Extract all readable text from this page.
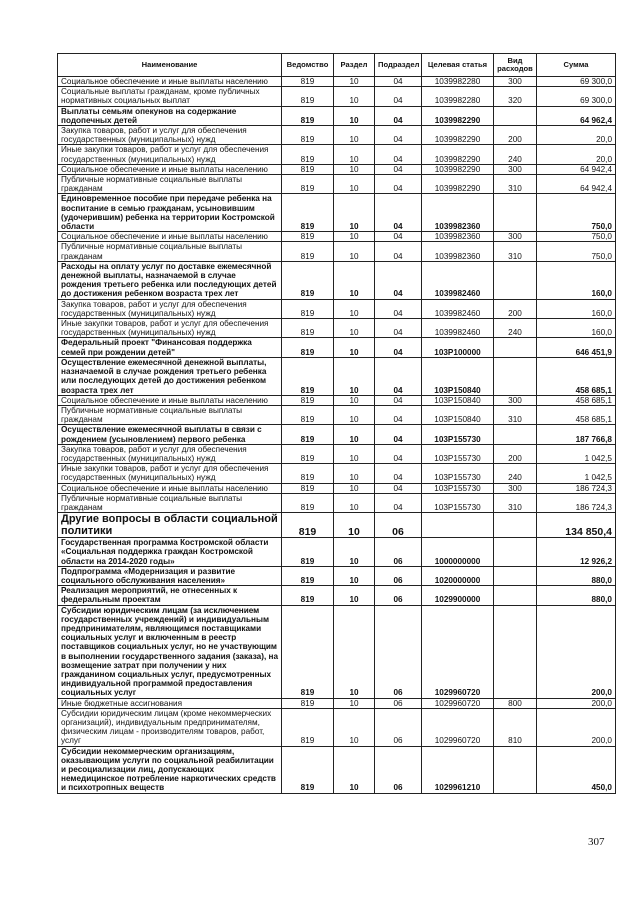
Наименование	Ведомство	Раздел	Подраздел	Целевая статья	Вид расходов	Сумма
Социальное обеспечение и иные выплаты населению	819	10	04	1039982280	300	69 300,0
Социальные выплаты гражданам, кроме публичных нормативных социальных выплат	819	10	04	1039982280	320	69 300,0
Выплаты семьям опекунов на содержание подопечных детей	819	10	04	1039982290		64 962,4
Закупка товаров, работ и услуг для обеспечения государственных (муниципальных) нужд	819	10	04	1039982290	200	20,0
Иные закупки товаров, работ и услуг для обеспечения государственных (муниципальных) нужд	819	10	04	1039982290	240	20,0
Социальное обеспечение и иные выплаты населению	819	10	04	1039982290	300	64 942,4
Публичные нормативные социальные выплаты гражданам	819	10	04	1039982290	310	64 942,4
Единовременное пособие при передаче ребенка на воспитание в семью гражданам, усыновившим (удочерившим) ребенка на территории Костромской области	819	10	04	1039982360		750,0
Социальное обеспечение и иные выплаты населению	819	10	04	1039982360	300	750,0
Публичные нормативные социальные выплаты гражданам	819	10	04	1039982360	310	750,0
Расходы на оплату услуг по доставке ежемесячной денежной выплаты, назначаемой в случае рождения третьего ребенка или последующих детей до достижения ребенком возраста трех лет	819	10	04	1039982460		160,0
Закупка товаров, работ и услуг для обеспечения государственных (муниципальных) нужд	819	10	04	1039982460	200	160,0
Иные закупки товаров, работ и услуг для обеспечения государственных (муниципальных) нужд	819	10	04	1039982460	240	160,0
Федеральный проект "Финансовая поддержка семей при рождении детей"	819	10	04	103P100000		646 451,9
Осуществление ежемесячной денежной выплаты, назначаемой в случае рождения третьего ребенка или последующих детей до достижения ребенком возраста трех лет	819	10	04	103P150840		458 685,1
Социальное обеспечение и иные выплаты населению	819	10	04	103P150840	300	458 685,1
Публичные нормативные социальные выплаты гражданам	819	10	04	103P150840	310	458 685,1
Осуществление ежемесячной выплаты в связи с рождением (усыновлением) первого ребенка	819	10	04	103P155730		187 766,8
Закупка товаров, работ и услуг для обеспечения государственных (муниципальных) нужд	819	10	04	103P155730	200	1 042,5
Иные закупки товаров, работ и услуг для обеспечения государственных (муниципальных) нужд	819	10	04	103P155730	240	1 042,5
Социальное обеспечение и иные выплаты населению	819	10	04	103P155730	300	186 724,3
Публичные нормативные социальные выплаты гражданам	819	10	04	103P155730	310	186 724,3
Другие вопросы в области социальной политики	819	10	06			134 850,4
Государственная программа Костромской области «Социальная поддержка граждан Костромской области на 2014-2020 годы»	819	10	06	1000000000		12 926,2
Подпрограмма «Модернизация и развитие социального обслуживания населения»	819	10	06	1020000000		880,0
Реализация мероприятий, не отнесенных к федеральным проектам	819	10	06	1029900000		880,0
Субсидии юридическим лицам (за исключением государственных учреждений) и индивидуальным предпринимателям, являющимся поставщиками социальных услуг и включенным в реестр поставщиков социальных услуг, но не участвующим в выполнении государственного задания (заказа), на возмещение затрат при получении у них гражданином социальных услуг, предусмотренных индивидуальной программой предоставления социальных услуг	819	10	06	1029960720		200,0
Иные бюджетные ассигнования	819	10	06	1029960720	800	200,0
Субсидии юридическим лицам (кроме некоммерческих организаций), индивидуальным предпринимателям, физическим лицам - производителям товаров, работ, услуг	819	10	06	1029960720	810	200,0
Субсидии некоммерческим организациям, оказывающим услуги по социальной реабилитации и ресоциализации лиц, допускающих немедицинское потребление наркотических средств и психотропных веществ	819	10	06	1029961210		450,0
307
